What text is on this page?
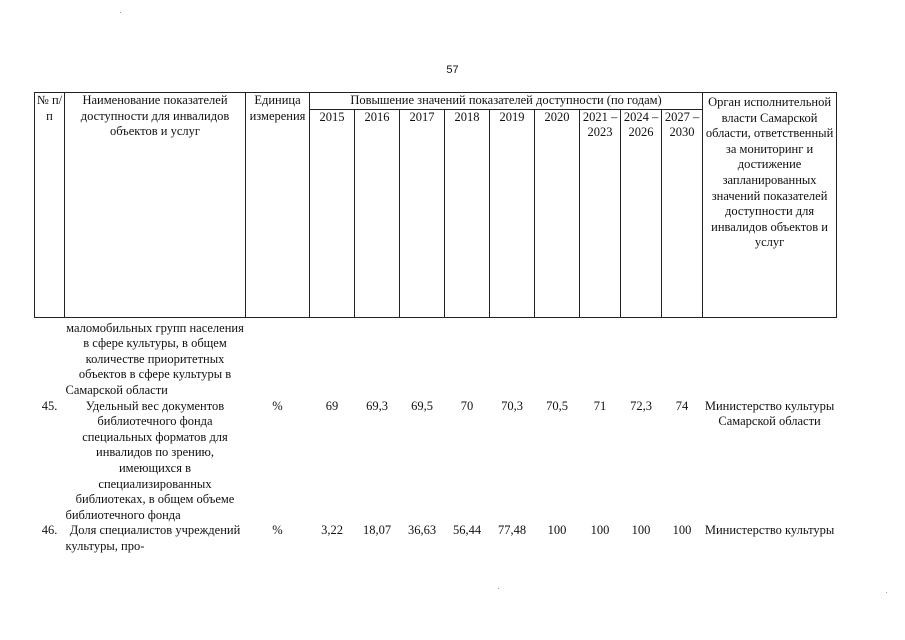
57
№ п/п	Наименование показателей доступности для инвалидов объектов и услуг	Единица измерения	Повышение значений показателей доступности (по годам)									Орган исполнительной власти Самарской области, ответственный за мониторинг и достижение запланированных значений показателей доступности для инвалидов объектов и услуг
			2015	2016	2017	2018	2019	2020	2021 – 2023	2024 – 2026	2027 – 2030	
	маломобильных групп населения в сфере культуры, в общем количестве приоритетных объектов в сфере культуры в Самарской области											
45.	Удельный вес документов библиотечного фонда специальных форматов для инвалидов по зрению, имеющихся в специализированных библиотеках, в общем объеме библиотечного фонда	%	69	69,3	69,5	70	70,3	70,5	71	72,3	74	Министерство культуры Самарской области
46.	Доля специалистов учреждений культуры, про-	%	3,22	18,07	36,63	56,44	77,48	100	100	100	100	Министерство культуры
